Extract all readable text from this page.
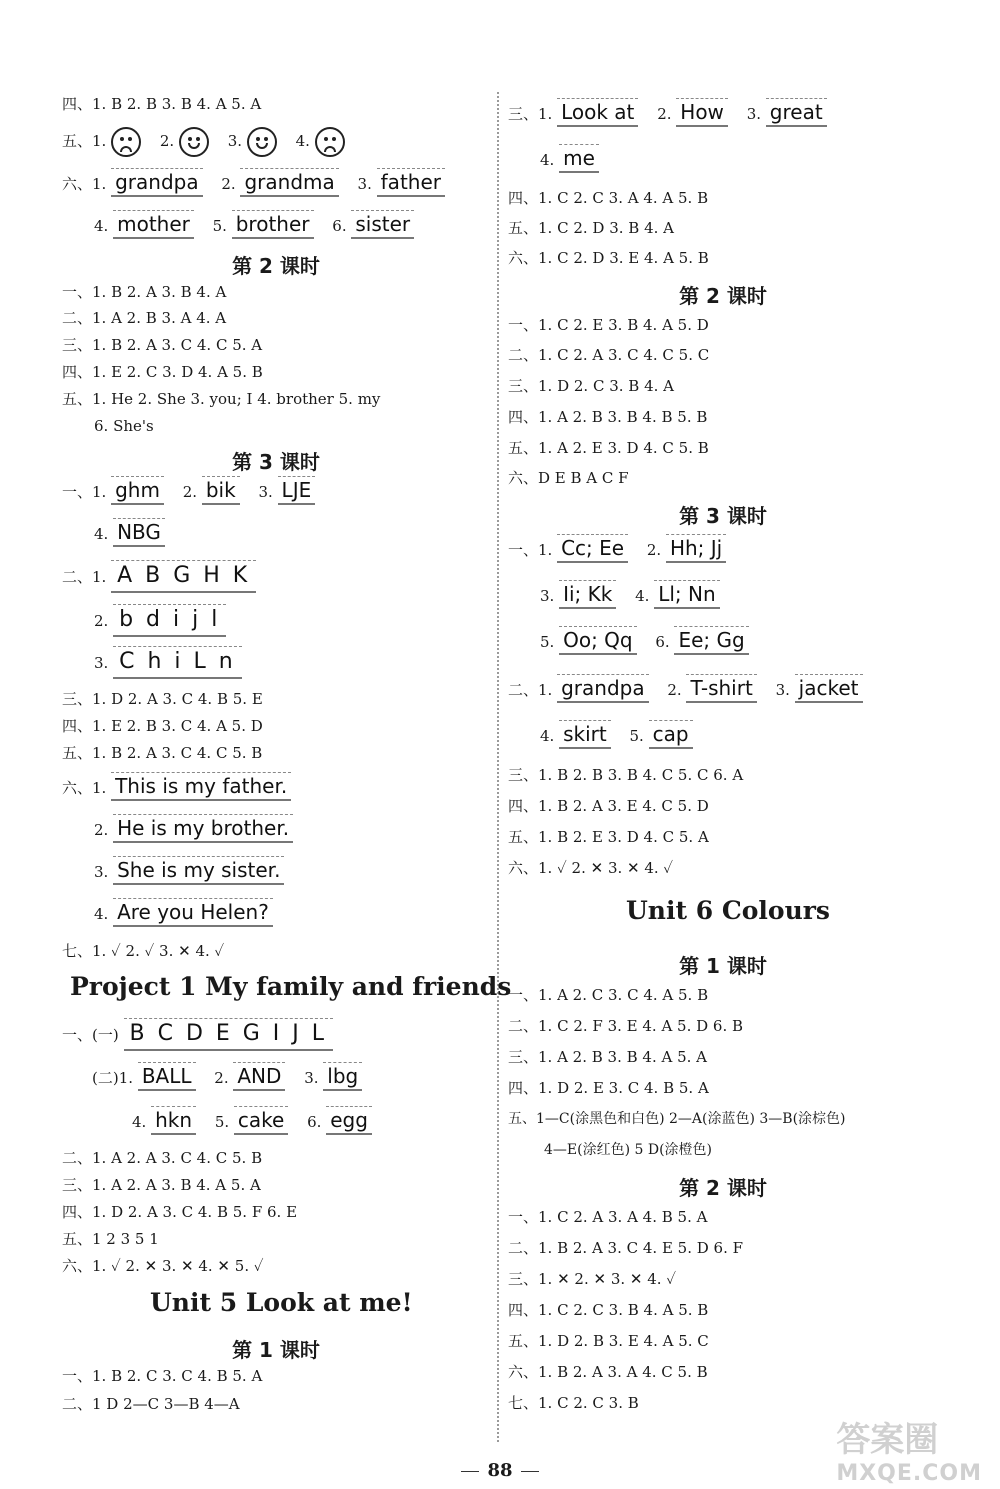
四、1. B 2. B 3. B 4. A 5. A
五、1.	2.	3.	4.
六、1. grandpa 2. grandma 3. father
4. mother 5. brother 6. sister
第 2 课时
一、1. B 2. A 3. B 4. A
二、1. A 2. B 3. A 4. A
三、1. B 2. A 3. C 4. C 5. A
四、1. E 2. C 3. D 4. A 5. B
五、1. He 2. She 3. you; I 4. brother 5. my
6. She's
第 3 课时
一、1. ghm 2. bik 3. LJE
4. NBG
二、1. A B G H K
2. b d i j l
3. C h i L n
三、1. D 2. A 3. C 4. B 5. E
四、1. E 2. B 3. C 4. A 5. D
五、1. B 2. A 3. C 4. C 5. B
六、1. This is my father.
2. He is my brother.
3. She is my sister.
4. Are you Helen?
七、1. ✓ 2. ✓ 3. ✕ 4. ✓
Project 1 My family and friends
一、(一) B C D E G I J L
(二)1. BALL 2. AND 3. lbg
4. hkn 5. cake 6. egg
二、1. A 2. A 3. C 4. C 5. B
三、1. A 2. A 3. B 4. A 5. A
四、1. D 2. A 3. C 4. B 5. F 6. E
五、1 2 3 5 1
六、1. ✓ 2. ✕ 3. ✕ 4. ✕ 5. ✓
Unit 5 Look at me!
第 1 课时
一、1. B 2. C 3. C 4. B 5. A
二、1 D 2—C 3—B 4—A
三、1. Look at 2. How 3. great
4. me
四、1. C 2. C 3. A 4. A 5. B
五、1. C 2. D 3. B 4. A
六、1. C 2. D 3. E 4. A 5. B
第 2 课时
一、1. C 2. E 3. B 4. A 5. D
二、1. C 2. A 3. C 4. C 5. C
三、1. D 2. C 3. B 4. A
四、1. A 2. B 3. B 4. B 5. B
五、1. A 2. E 3. D 4. C 5. B
六、D E B A C F
第 3 课时
一、1. Cc; Ee 2. Hh; Jj
3. Ii; Kk 4. Ll; Nn
5. Oo; Qq 6. Ee; Gg
二、1. grandpa 2. T-shirt 3. jacket
4. skirt 5. cap
三、1. B 2. B 3. B 4. C 5. C 6. A
四、1. B 2. A 3. E 4. C 5. D
五、1. B 2. E 3. D 4. C 5. A
六、1. ✓ 2. ✕ 3. ✕ 4. ✓
Unit 6 Colours
第 1 课时
一、1. A 2. C 3. C 4. A 5. B
二、1. C 2. F 3. E 4. A 5. D 6. B
三、1. A 2. B 3. B 4. A 5. A
四、1. D 2. E 3. C 4. B 5. A
五、1—C(涂黑色和白色) 2—A(涂蓝色) 3—B(涂棕色)
4—E(涂红色) 5 D(涂橙色)
第 2 课时
一、1. C 2. A 3. A 4. B 5. A
二、1. B 2. A 3. C 4. E 5. D 6. F
三、1. ✕ 2. ✕ 3. ✕ 4. ✓
四、1. C 2. C 3. B 4. A 5. B
五、1. D 2. B 3. E 4. A 5. C
六、1. B 2. A 3. A 4. C 5. B
七、1. C 2. C 3. B
88
答案圈
MXQE.COM
